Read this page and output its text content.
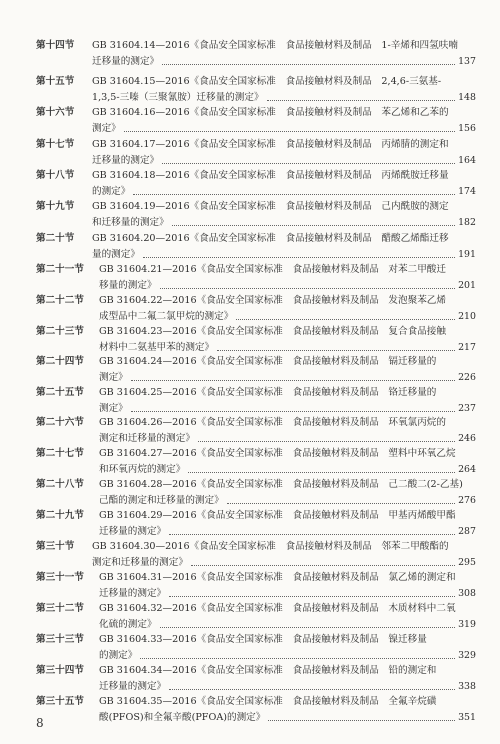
第十四节 GB 31604.14—2016《食品安全国家标准　食品接触材料及制品　1-辛烯和四氢呋喃
迁移量的测定》	137
第十五节 GB 31604.15—2016《食品安全国家标准　食品接触材料及制品　2,4,6-三氨基-
1,3,5-三嗪（三聚氰胺）迁移量的测定》	148
第十六节 GB 31604.16—2016《食品安全国家标准　食品接触材料及制品　苯乙烯和乙苯的
测定》	156
第十七节 GB 31604.17—2016《食品安全国家标准　食品接触材料及制品　丙烯腈的测定和
迁移量的测定》	164
第十八节 GB 31604.18—2016《食品安全国家标准　食品接触材料及制品　丙烯酰胺迁移量
的测定》	174
第十九节 GB 31604.19—2016《食品安全国家标准　食品接触材料及制品　己内酰胺的测定
和迁移量的测定》	182
第二十节 GB 31604.20—2016《食品安全国家标准　食品接触材料及制品　醋酸乙烯酯迁移
量的测定》	191
第二十一节 GB 31604.21—2016《食品安全国家标准　食品接触材料及制品　对苯二甲酸迁
移量的测定》	201
第二十二节 GB 31604.22—2016《食品安全国家标准　食品接触材料及制品　发泡聚苯乙烯
成型品中二氟二氯甲烷的测定》	210
第二十三节 GB 31604.23—2016《食品安全国家标准　食品接触材料及制品　复合食品接触
材料中二氨基甲苯的测定》	217
第二十四节 GB 31604.24—2016《食品安全国家标准　食品接触材料及制品　镉迁移量的
测定》	226
第二十五节 GB 31604.25—2016《食品安全国家标准　食品接触材料及制品　铬迁移量的
测定》	237
第二十六节 GB 31604.26—2016《食品安全国家标准　食品接触材料及制品　环氧氯丙烷的
测定和迁移量的测定》	246
第二十七节 GB 31604.27—2016《食品安全国家标准　食品接触材料及制品　塑料中环氧乙烷
和环氧丙烷的测定》	264
第二十八节 GB 31604.28—2016《食品安全国家标准　食品接触材料及制品　己二酸二(2-乙基)
己酯的测定和迁移量的测定》	276
第二十九节 GB 31604.29—2016《食品安全国家标准　食品接触材料及制品　甲基丙烯酸甲酯
迁移量的测定》	287
第三十节 GB 31604.30—2016《食品安全国家标准　食品接触材料及制品　邻苯二甲酸酯的
测定和迁移量的测定》	295
第三十一节 GB 31604.31—2016《食品安全国家标准　食品接触材料及制品　氯乙烯的测定和
迁移量的测定》	308
第三十二节 GB 31604.32—2016《食品安全国家标准　食品接触材料及制品　木质材料中二氧
化硫的测定》	319
第三十三节 GB 31604.33—2016《食品安全国家标准　食品接触材料及制品　镍迁移量
的测定》	329
第三十四节 GB 31604.34—2016《食品安全国家标准　食品接触材料及制品　铅的测定和
迁移量的测定》	338
第三十五节 GB 31604.35—2016《食品安全国家标准　食品接触材料及制品　全氟辛烷磺
酸(PFOS)和全氟辛酸(PFOA)的测定》	351
8
